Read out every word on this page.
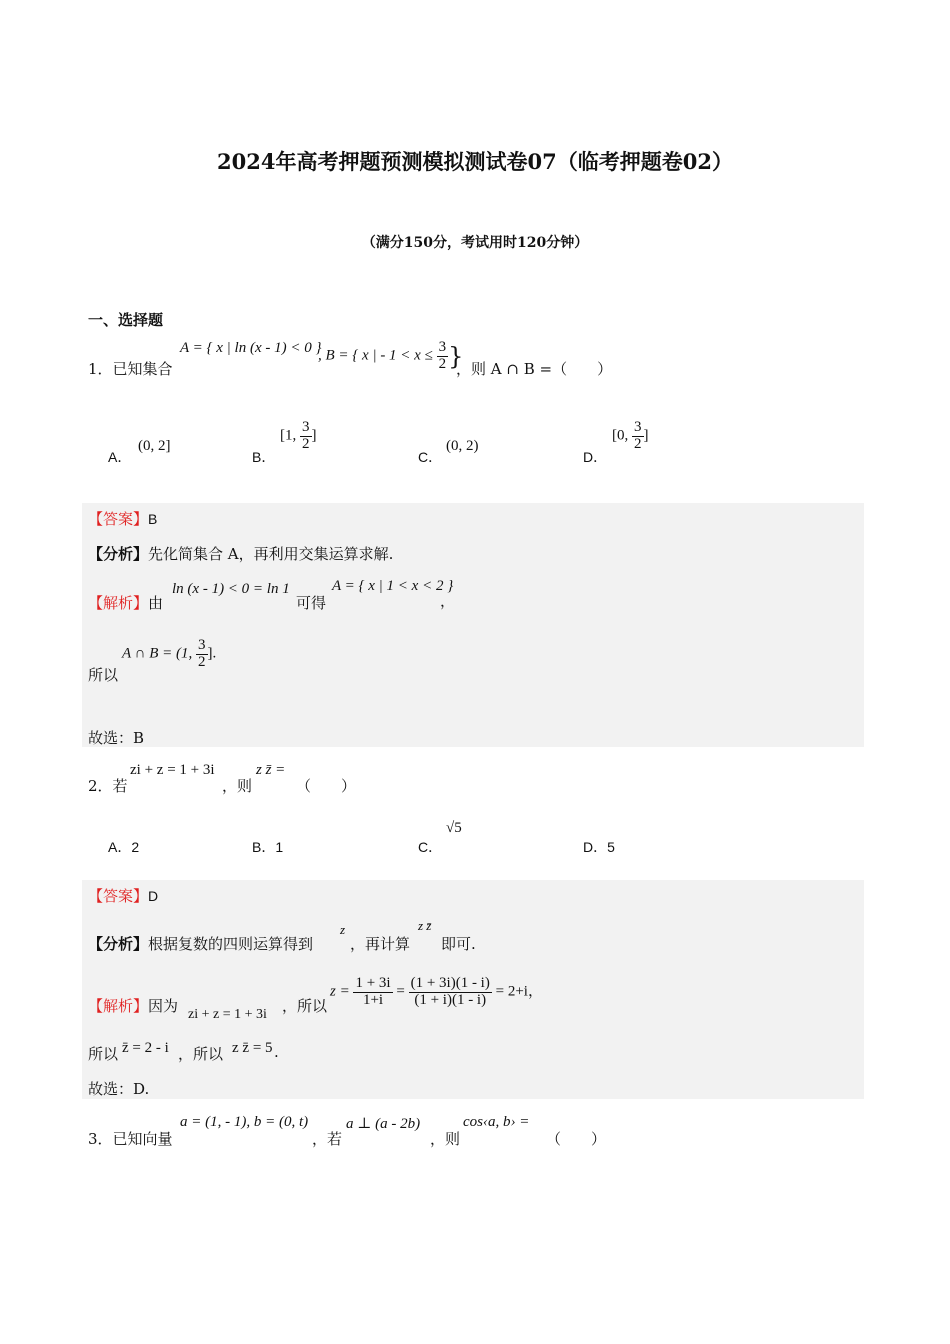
2024年高考押题预测模拟测试卷07（临考押题卷02）
（满分150分，考试用时120分钟）
一、选择题
1．已知集合
A = { x | ln (x - 1) < 0 }
, B = { x | - $1 < x \le \frac{3}{2}$ }
，则 A ∩ B =（　　）
A．
(0, 2]
B．
[1, $\frac{3}{2}$ ]
C．
(0, 2)
D．
[0, $\frac{3}{2}$ ]
【答案】B
【分析】先化简集合 A，再利用交集运算求解.
【解析】由
ln (x - 1) < 0 = ln 1
可得
A = { x | 1 < x < 2 }
，
所以
A ∩ B = (1, $\frac{3}{2}$ ].
故选：B
2．若
zi + z = 1 + 3i
，则
z z̄ =
（　　）
A．2	B．1	C．
√5
D．5
【答案】D
【分析】根据复数的四则运算得到
z
，再计算
z z̄
即可.
【解析】因为 zi + z = 1 + 3i ，所以
$z = \frac{1 + 3i}{1+i} = \frac{(1 + 3i)(1 - i)}{(1 + i)(1 - i)} = 2+i$，
所以 z̄ = 2 - i ，所以 z z̄ = 5 .
故选：D.
3．已知向量
a = (1, - 1), b = (0, t)
，若
a ⊥ (a - 2b)
，则
cos‹a, b› =
（　　）
